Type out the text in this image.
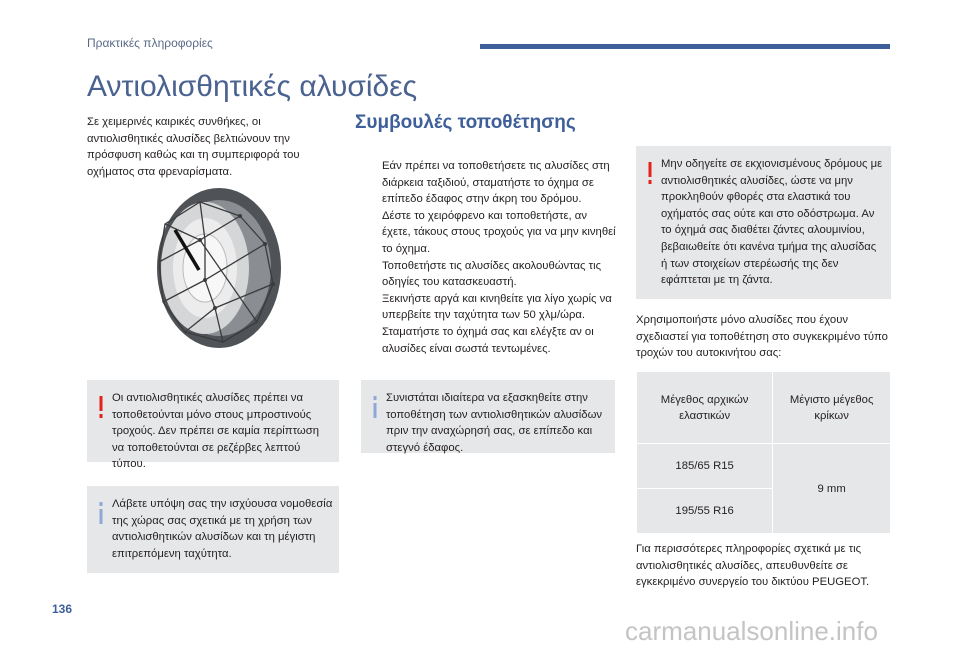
Πρακτικές πληροφορίες
Αντιολισθητικές αλυσίδες
Σε χειμερινές καιρικές συνθήκες, οι αντιολισθητικές αλυσίδες βελτιώνουν την πρόσφυση καθώς και τη συμπεριφορά του οχήματος στα φρεναρίσματα.
Οι αντιολισθητικές αλυσίδες πρέπει να τοποθετούνται μόνο στους μπροστινούς τροχούς. Δεν πρέπει σε καμία περίπτωση να τοποθετούνται σε ρεζέρβες λεπτού τύπου.
Λάβετε υπόψη σας την ισχύουσα νομοθεσία της χώρας σας σχετικά με τη χρήση των αντιολισθητικών αλυσίδων και τη μέγιστη επιτρεπόμενη ταχύτητα.
Συμβουλές τοποθέτησης
Εάν πρέπει να τοποθετήσετε τις αλυσίδες στη διάρκεια ταξιδιού, σταματήστε το όχημα σε επίπεδο έδαφος στην άκρη του δρόμου.
Δέστε το χειρόφρενο και τοποθετήστε, αν έχετε, τάκους στους τροχούς για να μην κινηθεί το όχημα.
Τοποθετήστε τις αλυσίδες ακολουθώντας τις οδηγίες του κατασκευαστή.
Ξεκινήστε αργά και κινηθείτε για λίγο χωρίς να υπερβείτε την ταχύτητα των 50 χλμ/ώρα.
Σταματήστε το όχημά σας και ελέγξτε αν οι αλυσίδες είναι σωστά τεντωμένες.
Συνιστάται ιδιαίτερα να εξασκηθείτε στην τοποθέτηση των αντιολισθητικών αλυσίδων πριν την αναχώρησή σας, σε επίπεδο και στεγνό έδαφος.
Μην οδηγείτε σε εκχιονισμένους δρόμους με αντιολισθητικές αλυσίδες, ώστε να μην προκληθούν φθορές στα ελαστικά του οχήματός σας ούτε και στο οδόστρωμα. Αν το όχημά σας διαθέτει ζάντες αλουμινίου, βεβαιωθείτε ότι κανένα τμήμα της αλυσίδας ή των στοιχείων στερέωσής της δεν εφάπτεται με τη ζάντα.
Χρησιμοποιήστε μόνο αλυσίδες που έχουν σχεδιαστεί για τοποθέτηση στο συγκεκριμένο τύπο τροχών του αυτοκινήτου σας:
Μέγεθος αρχικών ελαστικών	Μέγιστο μέγεθος κρίκων
185/65 R15	9 mm
195/55 R16	
Για περισσότερες πληροφορίες σχετικά με τις αντιολισθητικές αλυσίδες, απευθυνθείτε σε εγκεκριμένο συνεργείο του δικτύου PEUGEOT.
136
carmanualsonline.info
